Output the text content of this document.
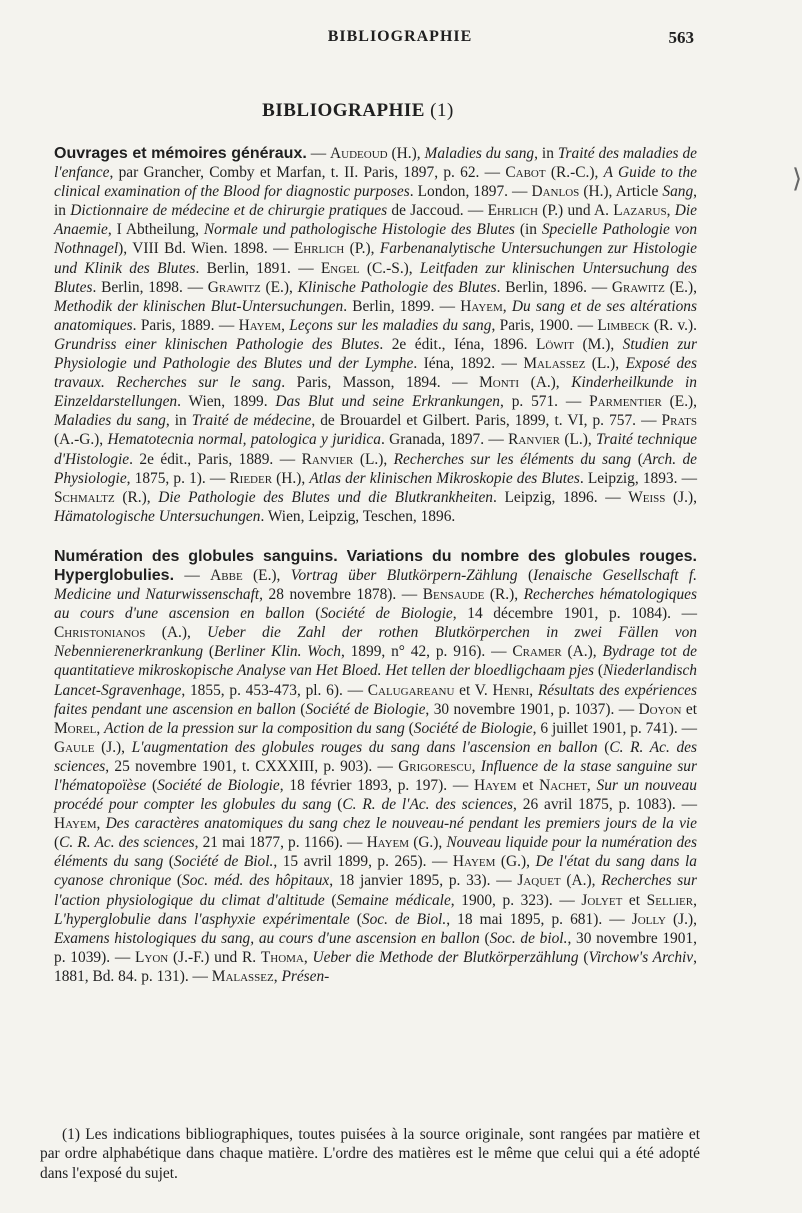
BIBLIOGRAPHIE	563
BIBLIOGRAPHIE (1)

Ouvrages et mémoires généraux. — Audeoud (H.), Maladies du sang, in Traité des maladies de l'enfance, par Grancher, Comby et Marfan, t. II. Paris, 1897, p. 62. — Cabot (R.-C.), A Guide to the clinical examination of the Blood for diagnostic purposes. London, 1897. — Danlos (H.), Article Sang, in Dictionnaire de médecine et de chirurgie pratiques de Jaccoud. — Ehrlich (P.) und A. Lazarus, Die Anaemie, I Abtheilung, Normale und pathologische Histologie des Blutes (in Specielle Pathologie von Nothnagel), VIII Bd. Wien. 1898. — Ehrlich (P.), Farbenanalytische Untersuchungen zur Histologie und Klinik des Blutes. Berlin, 1891. — Engel (C.-S.), Leitfaden zur klinischen Untersuchung des Blutes. Berlin, 1898. — Grawitz (E.), Klinische Pathologie des Blutes. Berlin, 1896. — Grawitz (E.), Methodik der klinischen Blut-Untersuchungen. Berlin, 1899. — Hayem, Du sang et de ses altérations anatomiques. Paris, 1889. — Hayem, Leçons sur les maladies du sang, Paris, 1900. — Limbeck (R. v.). Grundriss einer klinischen Pathologie des Blutes. 2e édit., Iéna, 1896. Löwit (M.), Studien zur Physiologie und Pathologie des Blutes und der Lymphe. Iéna, 1892. — Malassez (L.), Exposé des travaux. Recherches sur le sang. Paris, Masson, 1894. — Monti (A.), Kinderheilkunde in Einzeldarstellungen. Wien, 1899. Das Blut und seine Erkrankungen, p. 571. — Parmentier (E.), Maladies du sang, in Traité de médecine, de Brouardel et Gilbert. Paris, 1899, t. VI, p. 757. — Prats (A.-G.), Hematotecnia normal, patologica y juridica. Granada, 1897. — Ranvier (L.), Traité technique d'Histologie. 2e édit., Paris, 1889. — Ranvier (L.), Recherches sur les éléments du sang (Arch. de Physiologie, 1875, p. 1). — Rieder (H.), Atlas der klinischen Mikroskopie des Blutes. Leipzig, 1893. — Schmaltz (R.), Die Pathologie des Blutes und die Blutkrankheiten. Leipzig, 1896. — Weiss (J.), Hämatologische Untersuchungen. Wien, Leipzig, Teschen, 1896.

Numération des globules sanguins. Variations du nombre des globules rouges. Hyperglobulies. — Abbe (E.), Vortrag über Blutkörpern-Zählung (Ienaische Gesellschaft f. Medicine und Naturwissenschaft, 28 novembre 1878). — Bensaude (R.), Recherches hématologiques au cours d'une ascension en ballon (Société de Biologie, 14 décembre 1901, p. 1084). — Christonianos (A.), Ueber die Zahl der rothen Blutkörperchen in zwei Fällen von Nebennierenerkrankung (Berliner Klin. Woch, 1899, n° 42, p. 916). — Cramer (A.), Bydrage tot de quantitatieve mikroskopische Analyse van Het Bloed. Het tellen der bloedligchaam pjes (Niederlandisch Lancet-Sgravenhage, 1855, p. 453-473, pl. 6). — Calugareanu et V. Henri, Résultats des expériences faites pendant une ascension en ballon (Société de Biologie, 30 novembre 1901, p. 1037). — Doyon et Morel, Action de la pression sur la composition du sang (Société de Biologie, 6 juillet 1901, p. 741). — Gaule (J.), L'augmentation des globules rouges du sang dans l'ascension en ballon (C. R. Ac. des sciences, 25 novembre 1901, t. CXXXIII, p. 903). — Grigorescu, Influence de la stase sanguine sur l'hématopoïèse (Société de Biologie, 18 février 1893, p. 197). — Hayem et Nachet, Sur un nouveau procédé pour compter les globules du sang (C. R. de l'Ac. des sciences, 26 avril 1875, p. 1083). — Hayem, Des caractères anatomiques du sang chez le nouveau-né pendant les premiers jours de la vie (C. R. Ac. des sciences, 21 mai 1877, p. 1166). — Hayem (G.), Nouveau liquide pour la numération des éléments du sang (Société de Biol., 15 avril 1899, p. 265). — Hayem (G.), De l'état du sang dans la cyanose chronique (Soc. méd. des hôpitaux, 18 janvier 1895, p. 33). — Jaquet (A.), Recherches sur l'action physiologique du climat d'altitude (Semaine médicale, 1900, p. 323). — Jolyet et Sellier, L'hyperglobulie dans l'asphyxie expérimentale (Soc. de Biol., 18 mai 1895, p. 681). — Jolly (J.), Examens histologiques du sang, au cours d'une ascension en ballon (Soc. de biol., 30 novembre 1901, p. 1039). — Lyon (J.-F.) und R. Thoma, Ueber die Methode der Blutkörperzählung (Virchow's Archiv, 1881, Bd. 84. p. 131). — Malassez, Présen-

⟩
(1) Les indications bibliographiques, toutes puisées à la source originale, sont rangées par matière et par ordre alphabétique dans chaque matière. L'ordre des matières est le même que celui qui a été adopté dans l'exposé du sujet.
